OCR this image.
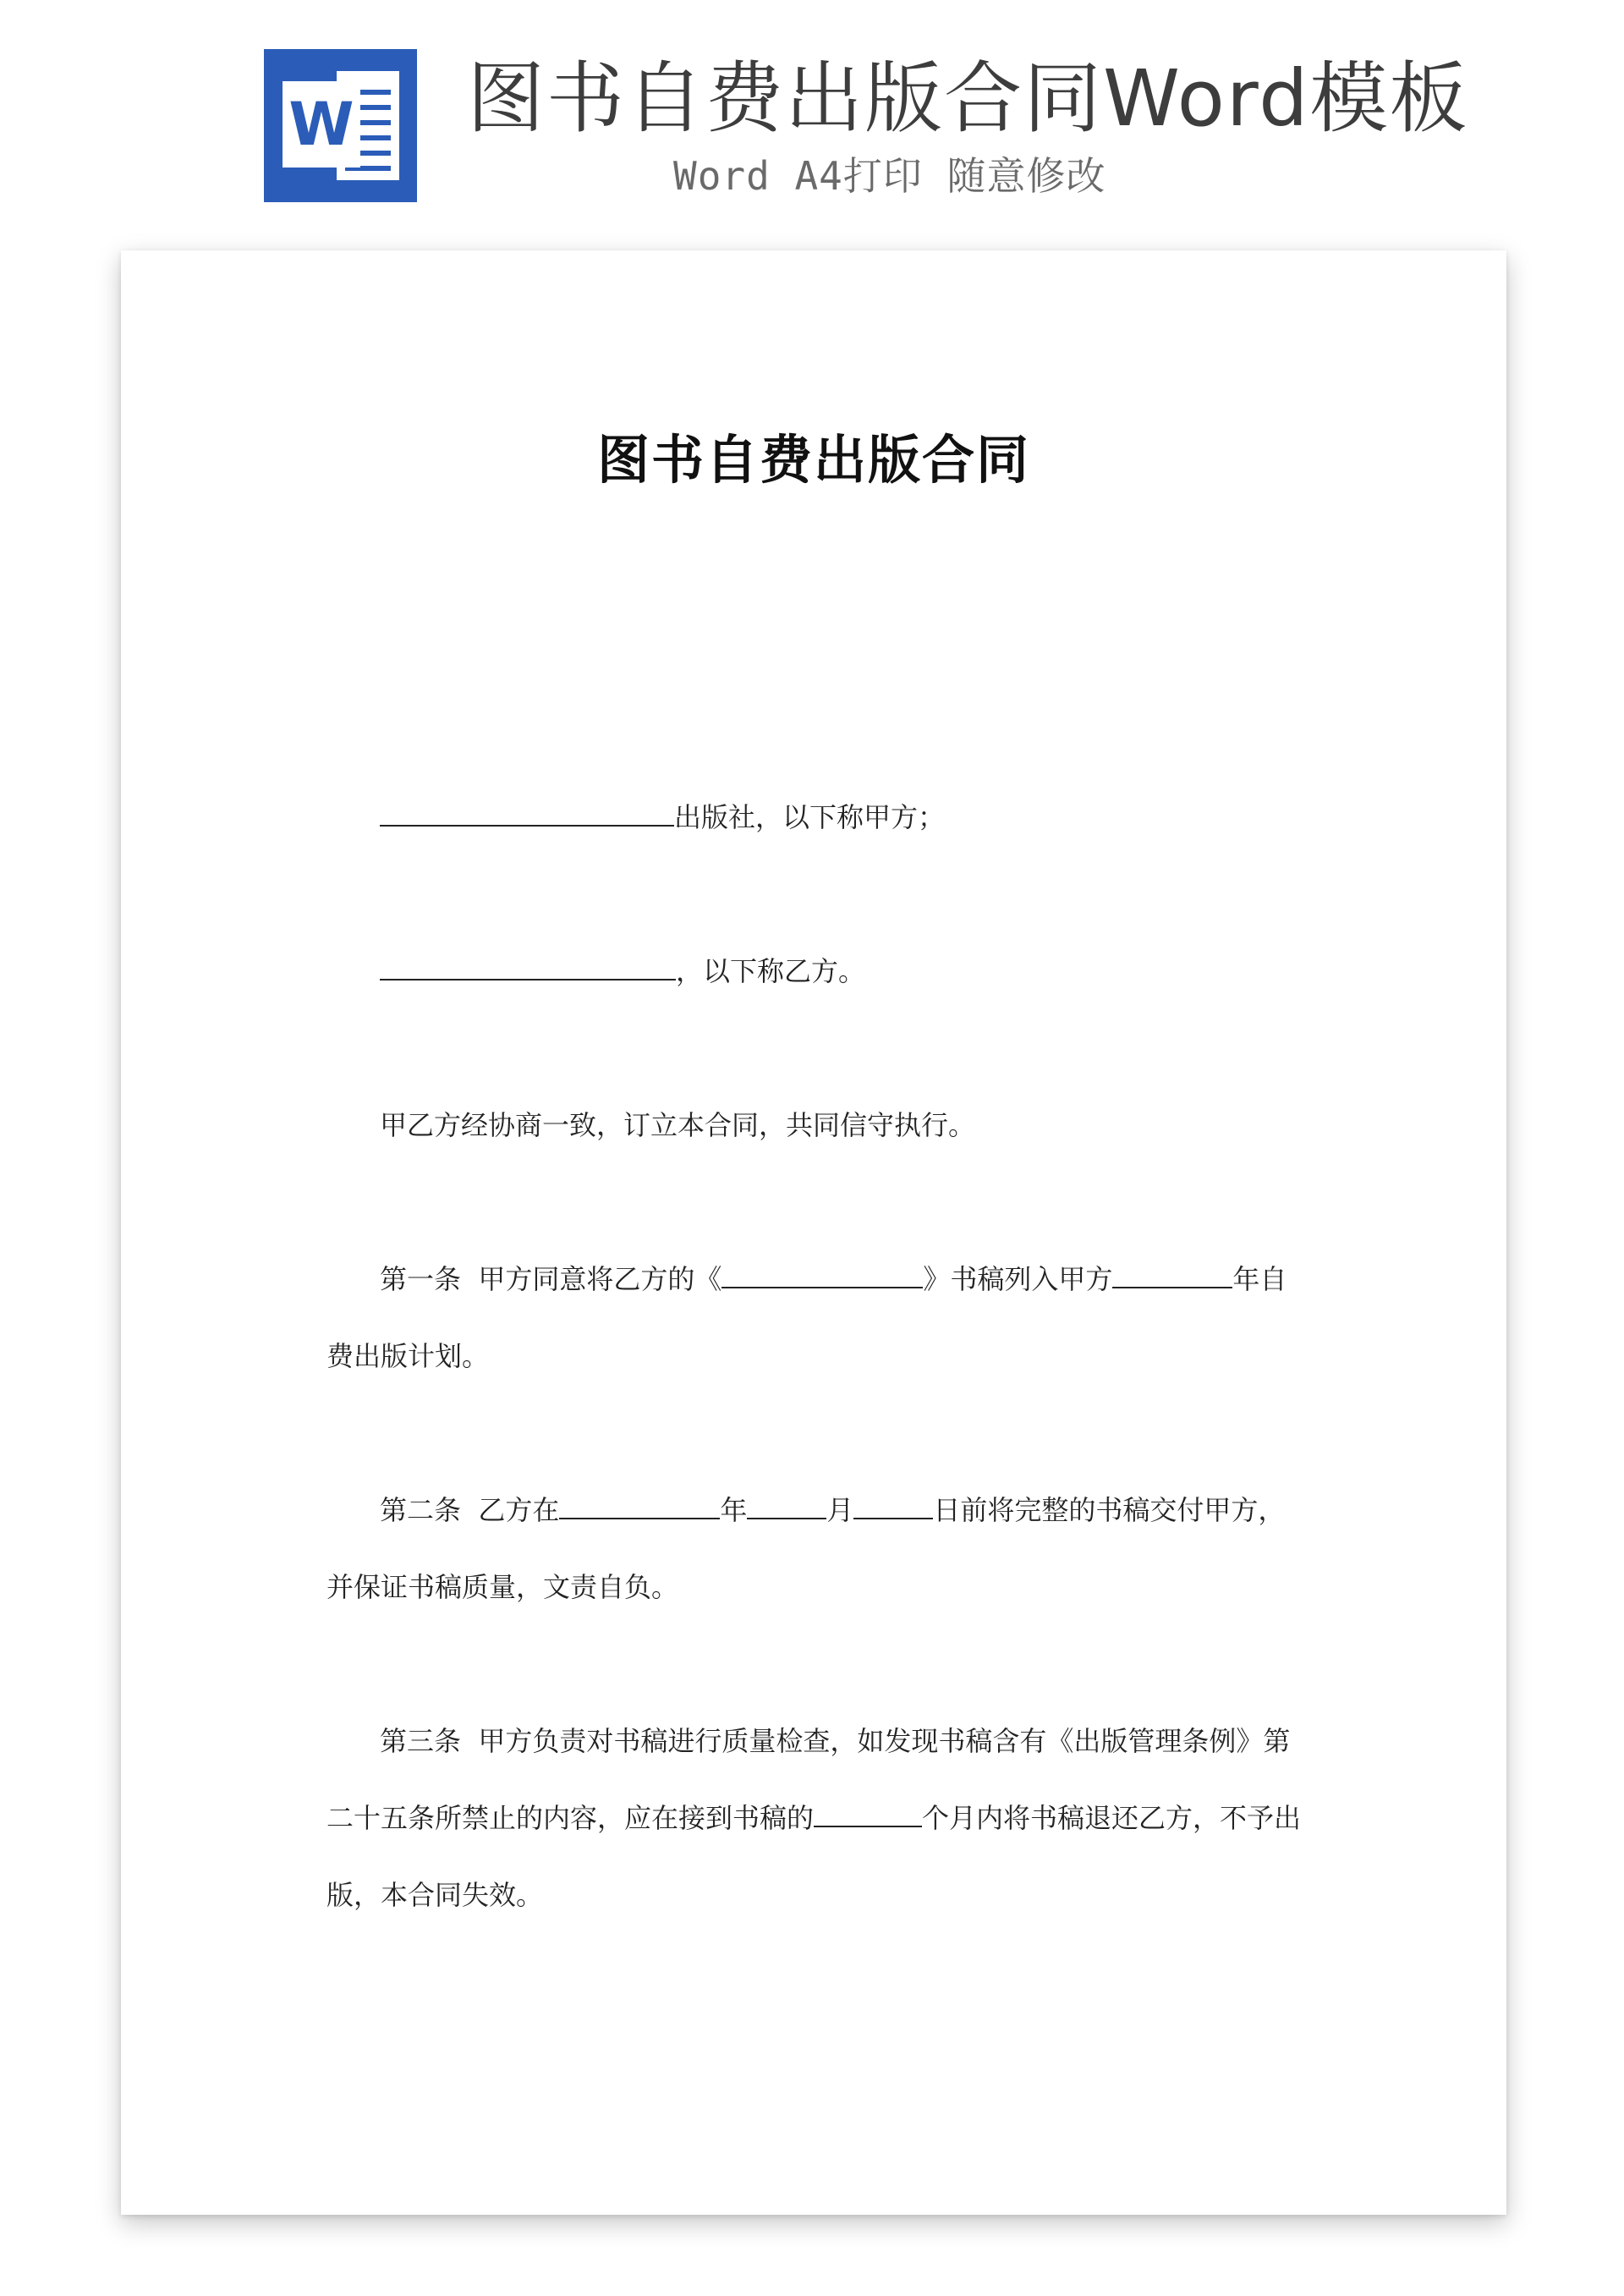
W 图书自费出版合同Word模板
Word A4打印 随意修改
图书自费出版合同
出版社，以下称甲方；
，以下称乙方。
甲乙方经协商一致，订立本合同，共同信守执行。
第一条 甲方同意将乙方的《	》书稿列入甲方	年自
费出版计划。
第二条 乙方在	年	月	日前将完整的书稿交付甲方，
并保证书稿质量，文责自负。
第三条 甲方负责对书稿进行质量检查，如发现书稿含有《出版管理条例》第
二十五条所禁止的内容，应在接到书稿的	个月内将书稿退还乙方，不予出
版，本合同失效。
